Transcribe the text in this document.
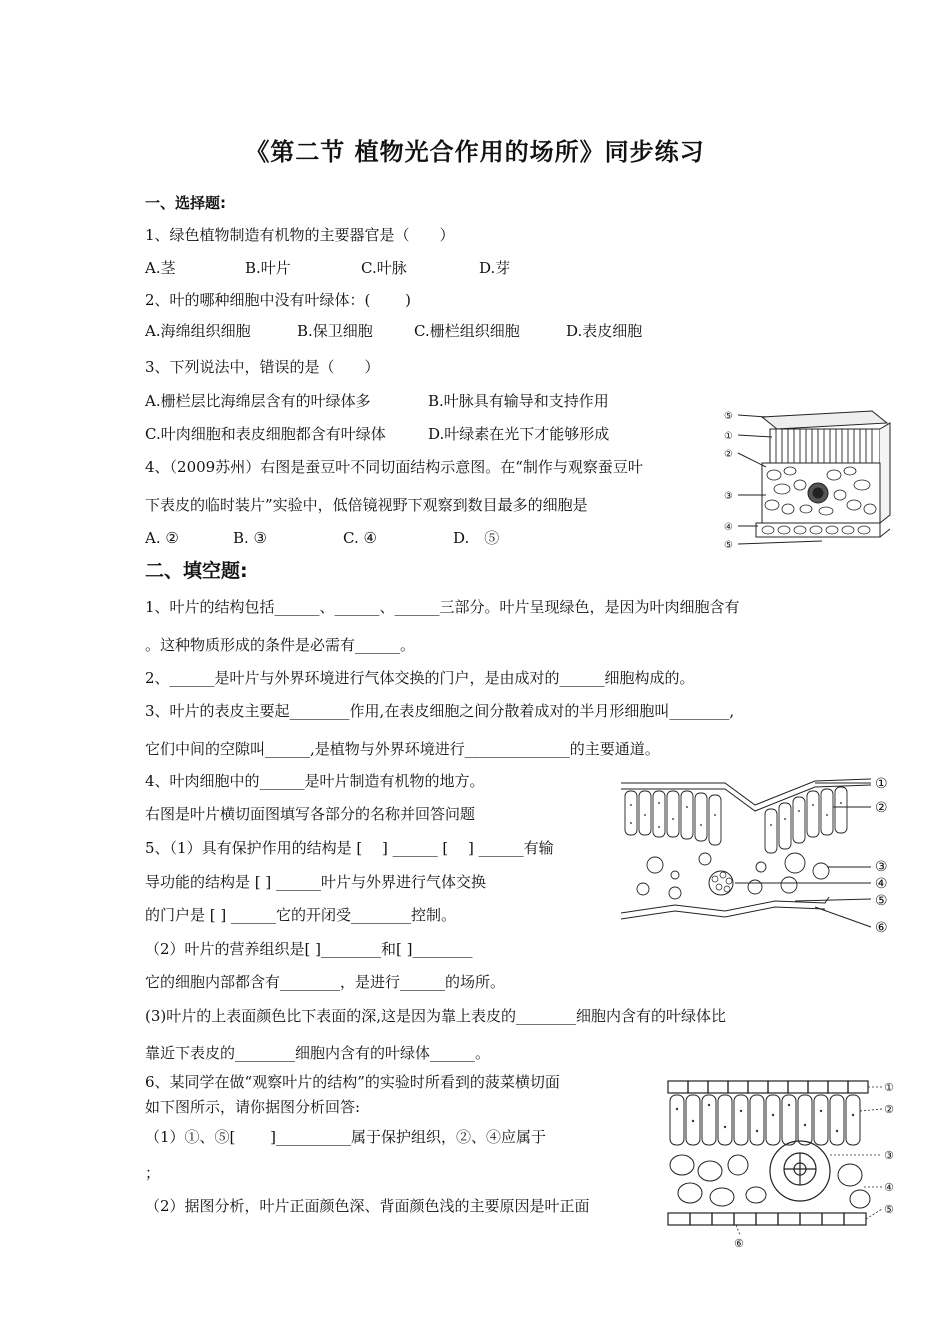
《第二节 植物光合作用的场所》同步练习
一、选择题:
1、绿色植物制造有机物的主要器官是（　　）
A.茎	B.叶片	C.叶脉	D.芽
2、叶的哪种细胞中没有叶绿体：(　　 )
A.海绵组织细胞	B.保卫细胞	C.栅栏组织细胞	D.表皮细胞
3、下列说法中，错误的是（　　）
A.栅栏层比海绵层含有的叶绿体多	B.叶脉具有输导和支持作用
C.叶肉细胞和表皮细胞都含有叶绿体	D.叶绿素在光下才能够形成
4、（2009苏州）右图是蚕豆叶不同切面结构示意图。在“制作与观察蚕豆叶
下表皮的临时装片”实验中，低倍镜视野下观察到数目最多的细胞是
A. ②	B. ③	C. ④	D.　⑤
二、填空题:
1、叶片的结构包括______、______、______三部分。叶片呈现绿色，是因为叶肉细胞含有
。这种物质形成的条件是必需有______。
2、______是叶片与外界环境进行气体交换的门户，是由成对的______细胞构成的。
3、叶片的表皮主要起________作用,在表皮细胞之间分散着成对的半月形细胞叫________,
它们中间的空隙叫______,是植物与外界环境进行______________的主要通道。
4、叶肉细胞中的______是叶片制造有机物的地方。
右图是叶片横切面图填写各部分的名称并回答问题
5、（1）具有保护作用的结构是 [　 ] ______ [　 ] ______有输
导功能的结构是 [ ] ______叶片与外界进行气体交换
的门户是 [ ] ______它的开闭受________控制。
（2）叶片的营养组织是[ ]________和[ ]________
它的细胞内部都含有________，是进行______的场所。
(3)叶片的上表面颜色比下表面的深,这是因为靠上表皮的________细胞内含有的叶绿体比
靠近下表皮的________细胞内含有的叶绿体______。
6、某同学在做“观察叶片的结构”的实验时所看到的菠菜横切面
如下图所示，请你据图分析回答:
（1）①、⑤[　　 ]__________属于保护组织，②、④应属于
；
（2）据图分析，叶片正面颜色深、背面颜色浅的主要原因是叶正面
⑤
①
②
③
④
⑤
①
②
③
④
⑤
⑥
①
②
③
④
⑤
⑥
